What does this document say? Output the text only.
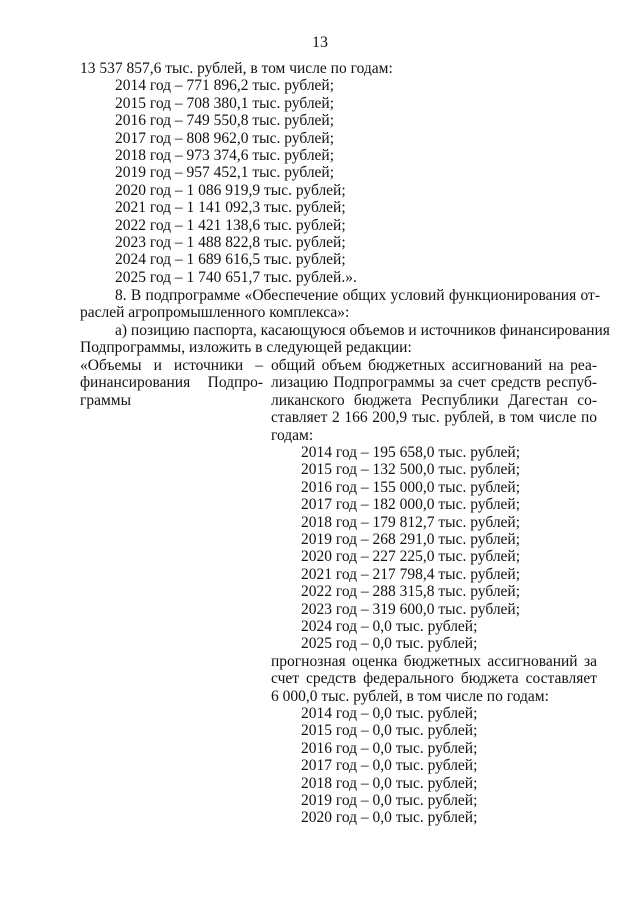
13
13 537 857,6 тыс. рублей, в том числе по годам:
2014 год – 771 896,2 тыс. рублей;
2015 год – 708 380,1 тыс. рублей;
2016 год – 749 550,8 тыс. рублей;
2017 год – 808 962,0 тыс. рублей;
2018 год – 973 374,6 тыс. рублей;
2019 год – 957 452,1 тыс. рублей;
2020 год – 1 086 919,9 тыс. рублей;
2021 год – 1 141 092,3 тыс. рублей;
2022 год – 1 421 138,6 тыс. рублей;
2023 год – 1 488 822,8 тыс. рублей;
2024 год – 1 689 616,5 тыс. рублей;
2025 год – 1 740 651,7 тыс. рублей.».
8. В подпрограмме «Обеспечение общих условий функционирования от-
раслей агропромышленного комплекса»:
а) позицию паспорта, касающуюся объемов и источников финансирования
Подпрограммы, изложить в следующей редакции:
«Объемы и источники –
финансирования Подпро-
граммы
общий объем бюджетных ассигнований на реа-
лизацию Подпрограммы за счет средств респуб-
ликанского бюджета Республики Дагестан со-
ставляет 2 166 200,9 тыс. рублей, в том числе по
годам:
2014 год – 195 658,0 тыс. рублей;
2015 год – 132 500,0 тыс. рублей;
2016 год – 155 000,0 тыс. рублей;
2017 год – 182 000,0 тыс. рублей;
2018 год – 179 812,7 тыс. рублей;
2019 год – 268 291,0 тыс. рублей;
2020 год – 227 225,0 тыс. рублей;
2021 год – 217 798,4 тыс. рублей;
2022 год – 288 315,8 тыс. рублей;
2023 год – 319 600,0 тыс. рублей;
2024 год – 0,0 тыс. рублей;
2025 год – 0,0 тыс. рублей;
прогнозная оценка бюджетных ассигнований за
счет средств федерального бюджета составляет
6 000,0 тыс. рублей, в том числе по годам:
2014 год – 0,0 тыс. рублей;
2015 год – 0,0 тыс. рублей;
2016 год – 0,0 тыс. рублей;
2017 год – 0,0 тыс. рублей;
2018 год – 0,0 тыс. рублей;
2019 год – 0,0 тыс. рублей;
2020 год – 0,0 тыс. рублей;
